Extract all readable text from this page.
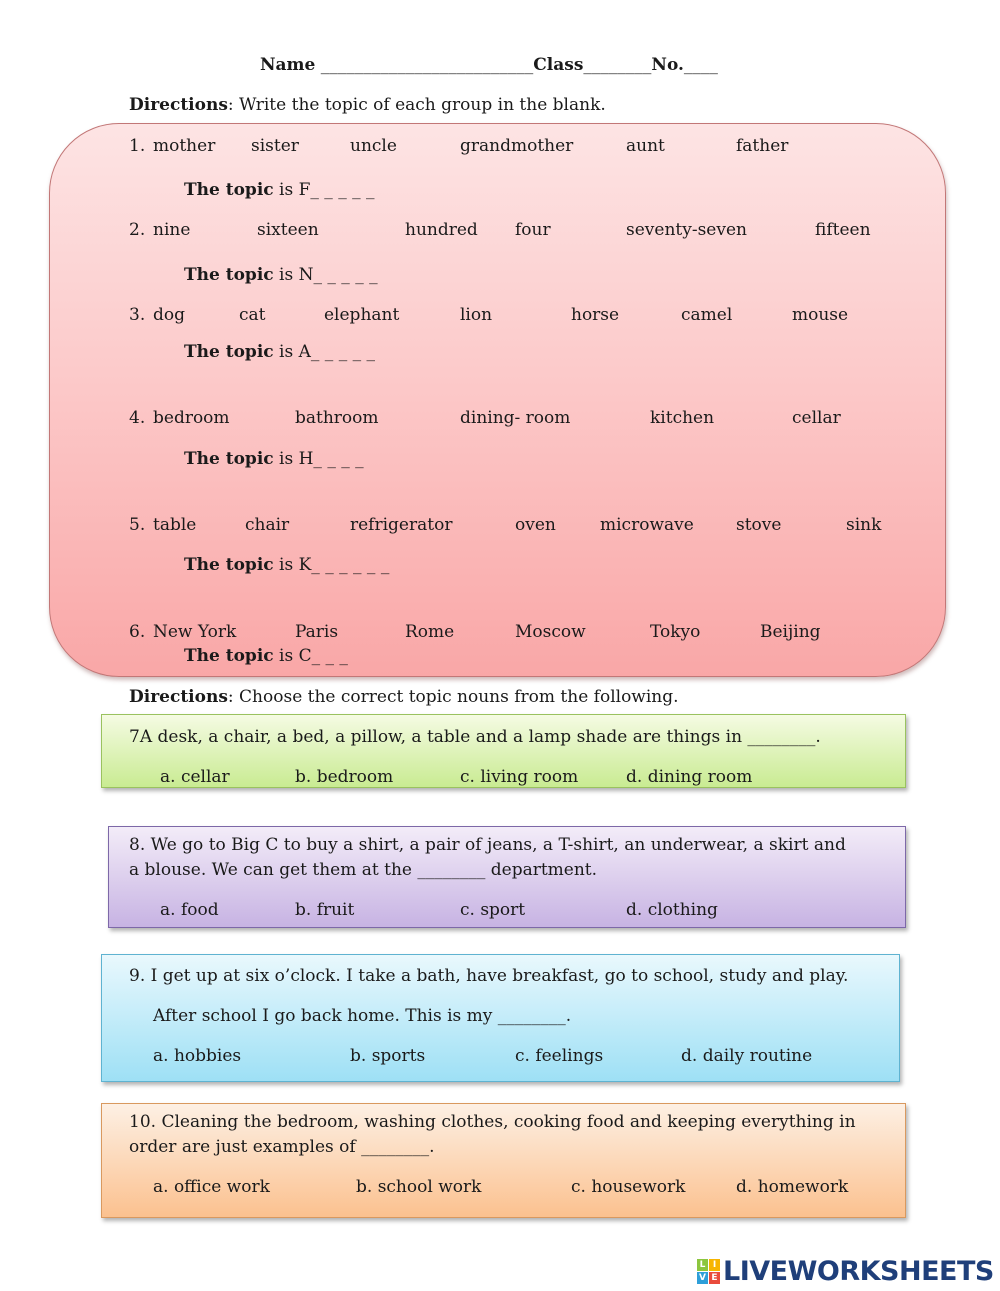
Name _________________________Class________No.____
Directions: Write the topic of each group in the blank.
1. mother sister	uncle	grandmother	aunt	father
The topic is F_ _ _ _ _
2. nine	sixteen	hundred four	seventy-seven	fifteen
The topic is N_ _ _ _ _
3. dog	cat	elephant	lion	horse	camel	mouse
The topic is A_ _ _ _ _
4. bedroom	bathroom	dining- room	kitchen	cellar
The topic is H_ _ _ _
5. table	chair	refrigerator	oven	microwave stove	sink
The topic is K_ _ _ _ _ _
6. New York	Paris	Rome	Moscow	Tokyo	Beijing
The topic is C_ _ _
Directions: Choose the correct topic nouns from the following.
7A desk, a chair, a bed, a pillow, a table and a lamp shade are things in ________.
a. cellar	b. bedroom	c. living room	d. dining room
8. We go to Big C to buy a shirt, a pair of jeans, a T-shirt, an underwear, a skirt and
a blouse. We can get them at the ________ department.
a. food	b. fruit	c. sport	d. clothing
9. I get up at six o’clock. I take a bath, have breakfast, go to school, study and play.
After school I go back home. This is my ________.
a. hobbies	b. sports	c. feelings	d. daily routine
10. Cleaning the bedroom, washing clothes, cooking food and keeping everything in
order are just examples of ________.
a. office work	b. school work	c. housework	d. homework
L I
V E LIVEWORKSHEETS
